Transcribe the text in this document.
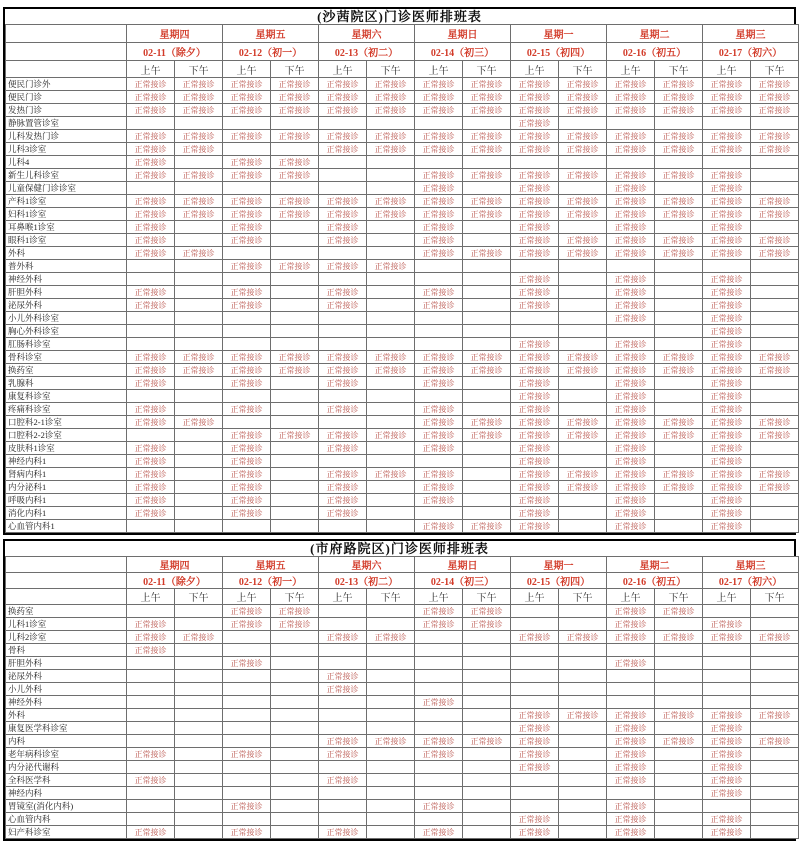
(沙茜院区)门诊医师排班表
	星期四		星期五		星期六		星期日		星期一		星期二		星期三	
	02-11（除夕）		02-12（初一）		02-13（初二）		02-14（初三）		02-15（初四）		02-16（初五）		02-17（初六）	
	上午	下午	上午	下午	上午	下午	上午	下午	上午	下午	上午	下午	上午	下午
便民门诊外	正常接诊	正常接诊	正常接诊	正常接诊	正常接诊	正常接诊	正常接诊	正常接诊	正常接诊	正常接诊	正常接诊	正常接诊	正常接诊	正常接诊
便民门诊	正常接诊	正常接诊	正常接诊	正常接诊	正常接诊	正常接诊	正常接诊	正常接诊	正常接诊	正常接诊	正常接诊	正常接诊	正常接诊	正常接诊
发热门诊	正常接诊	正常接诊	正常接诊	正常接诊	正常接诊	正常接诊	正常接诊	正常接诊	正常接诊	正常接诊	正常接诊	正常接诊	正常接诊	正常接诊
静脉置管诊室									正常接诊					
儿科发热门诊	正常接诊	正常接诊	正常接诊	正常接诊	正常接诊	正常接诊	正常接诊	正常接诊	正常接诊	正常接诊	正常接诊	正常接诊	正常接诊	正常接诊
儿科3诊室	正常接诊	正常接诊			正常接诊	正常接诊	正常接诊	正常接诊	正常接诊	正常接诊	正常接诊	正常接诊	正常接诊	正常接诊
儿科4	正常接诊		正常接诊	正常接诊										
新生儿科诊室	正常接诊	正常接诊	正常接诊	正常接诊			正常接诊	正常接诊	正常接诊	正常接诊	正常接诊	正常接诊	正常接诊	
儿童保健门诊诊室							正常接诊		正常接诊		正常接诊		正常接诊	
产科1诊室	正常接诊	正常接诊	正常接诊	正常接诊	正常接诊	正常接诊	正常接诊	正常接诊	正常接诊	正常接诊	正常接诊	正常接诊	正常接诊	正常接诊
妇科1诊室	正常接诊	正常接诊	正常接诊	正常接诊	正常接诊	正常接诊	正常接诊	正常接诊	正常接诊	正常接诊	正常接诊	正常接诊	正常接诊	正常接诊
耳鼻喉1诊室	正常接诊		正常接诊		正常接诊		正常接诊		正常接诊		正常接诊		正常接诊	
眼科1诊室	正常接诊		正常接诊		正常接诊		正常接诊		正常接诊	正常接诊	正常接诊	正常接诊	正常接诊	正常接诊
外科	正常接诊	正常接诊					正常接诊	正常接诊	正常接诊	正常接诊	正常接诊	正常接诊	正常接诊	正常接诊
普外科			正常接诊	正常接诊	正常接诊	正常接诊								
神经外科									正常接诊		正常接诊		正常接诊	
肝胆外科	正常接诊		正常接诊		正常接诊		正常接诊		正常接诊		正常接诊		正常接诊	
泌尿外科	正常接诊		正常接诊		正常接诊		正常接诊		正常接诊		正常接诊		正常接诊	
小儿外科诊室											正常接诊		正常接诊	
胸心外科诊室													正常接诊	
肛肠科诊室									正常接诊		正常接诊		正常接诊	
骨科诊室	正常接诊	正常接诊	正常接诊	正常接诊	正常接诊	正常接诊	正常接诊	正常接诊	正常接诊	正常接诊	正常接诊	正常接诊	正常接诊	正常接诊
换药室	正常接诊	正常接诊	正常接诊	正常接诊	正常接诊	正常接诊	正常接诊	正常接诊	正常接诊	正常接诊	正常接诊	正常接诊	正常接诊	正常接诊
乳腺科	正常接诊		正常接诊		正常接诊		正常接诊		正常接诊		正常接诊		正常接诊	
康复科诊室									正常接诊		正常接诊		正常接诊	
疼痛科诊室	正常接诊		正常接诊		正常接诊		正常接诊		正常接诊		正常接诊		正常接诊	
口腔科2-1诊室	正常接诊	正常接诊					正常接诊	正常接诊	正常接诊	正常接诊	正常接诊	正常接诊	正常接诊	正常接诊
口腔科2-2诊室			正常接诊	正常接诊	正常接诊	正常接诊	正常接诊	正常接诊	正常接诊	正常接诊	正常接诊	正常接诊	正常接诊	正常接诊
皮肤科1诊室	正常接诊		正常接诊		正常接诊		正常接诊		正常接诊		正常接诊		正常接诊	
神经内科1	正常接诊		正常接诊						正常接诊		正常接诊		正常接诊	
肾病内科1	正常接诊		正常接诊		正常接诊	正常接诊	正常接诊		正常接诊	正常接诊	正常接诊	正常接诊	正常接诊	正常接诊
内分泌科1	正常接诊		正常接诊		正常接诊		正常接诊		正常接诊	正常接诊	正常接诊	正常接诊	正常接诊	正常接诊
呼吸内科1	正常接诊		正常接诊		正常接诊		正常接诊		正常接诊		正常接诊		正常接诊	
消化内科1	正常接诊		正常接诊		正常接诊				正常接诊		正常接诊		正常接诊	
心血管内科1							正常接诊	正常接诊	正常接诊		正常接诊		正常接诊	
(市府路院区)门诊医师排班表
	星期四		星期五		星期六		星期日		星期一		星期二		星期三	
	02-11（除夕）		02-12（初一）		02-13（初二）		02-14（初三）		02-15（初四）		02-16（初五）		02-17（初六）	
	上午	下午	上午	下午	上午	下午	上午	下午	上午	下午	上午	下午	上午	下午
换药室			正常接诊	正常接诊			正常接诊	正常接诊			正常接诊	正常接诊		
儿科1诊室	正常接诊		正常接诊	正常接诊			正常接诊	正常接诊			正常接诊		正常接诊	
儿科2诊室	正常接诊	正常接诊			正常接诊	正常接诊			正常接诊	正常接诊	正常接诊	正常接诊	正常接诊	正常接诊
骨科	正常接诊													
肝胆外科			正常接诊								正常接诊			
泌尿外科					正常接诊									
小儿外科					正常接诊									
神经外科							正常接诊							
外科									正常接诊	正常接诊	正常接诊	正常接诊	正常接诊	正常接诊
康复医学科诊室									正常接诊		正常接诊		正常接诊	
内科					正常接诊	正常接诊	正常接诊	正常接诊	正常接诊		正常接诊	正常接诊	正常接诊	正常接诊
老年病科诊室	正常接诊		正常接诊		正常接诊		正常接诊		正常接诊		正常接诊		正常接诊	
内分泌代谢科									正常接诊		正常接诊		正常接诊	
全科医学科	正常接诊				正常接诊						正常接诊		正常接诊	
神经内科													正常接诊	
胃镜室(消化内科)			正常接诊				正常接诊				正常接诊			
心血管内科									正常接诊		正常接诊		正常接诊	
妇产科诊室	正常接诊		正常接诊		正常接诊		正常接诊		正常接诊		正常接诊		正常接诊	
